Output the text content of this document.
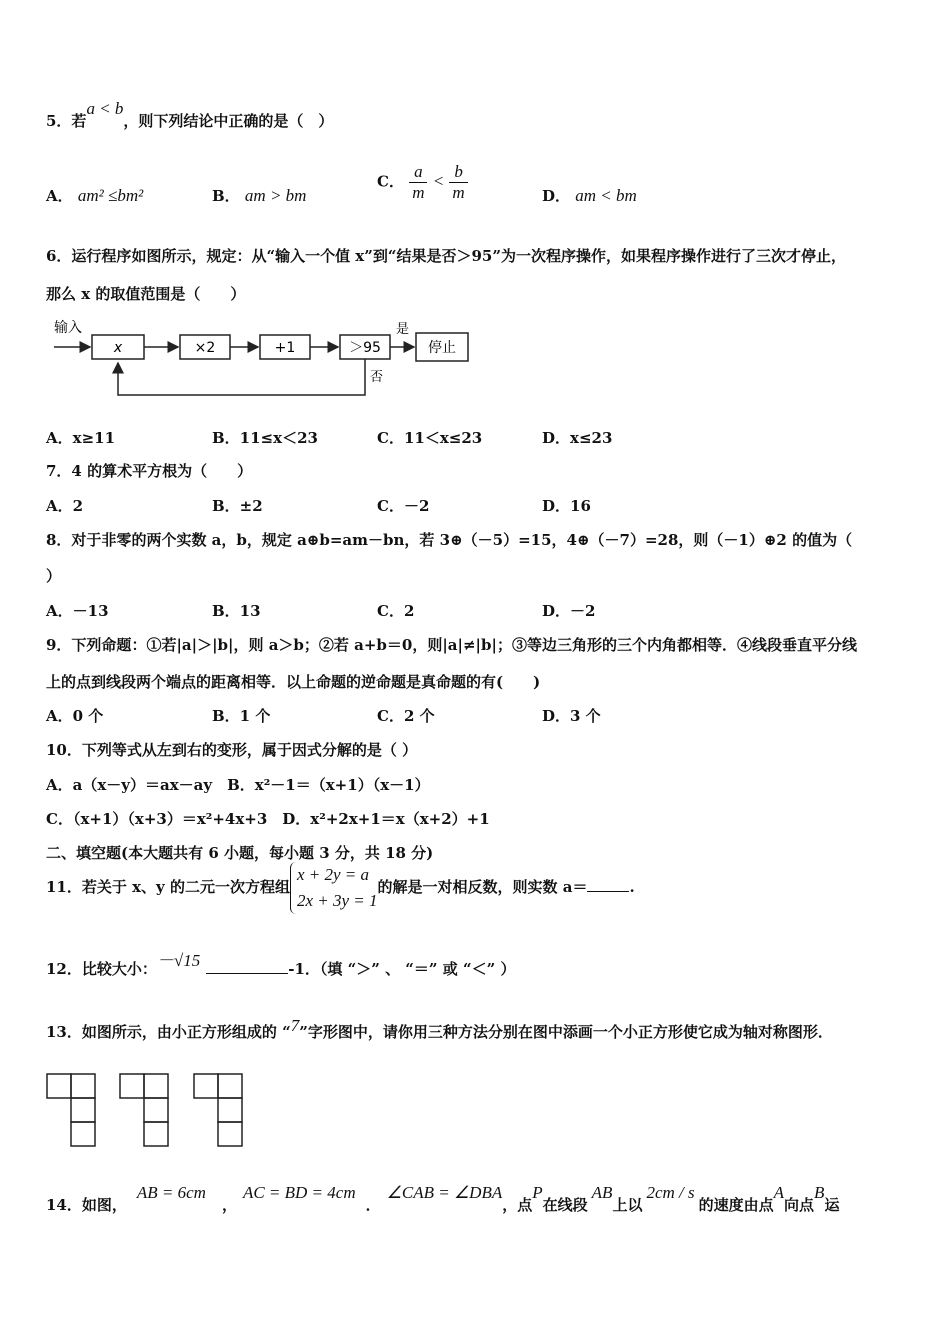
5．若a < b，则下列结论中正确的是（　）
A． am² ≤bm²	B． am > bm
C． $\frac{a}{m} < \frac{b}{m}$	D． am < bm
6．运行程序如图所示，规定：从“输入一个值 x”到“结果是否＞95”为一次程序操作，如果程序操作进行了三次才停止，
那么 x 的取值范围是（　　）
输入
x	×2	+1	＞95
是
停止
否
A．x≥11	B．11≤x＜23	C．11＜x≤23	D．x≤23
7．4 的算术平方根为（　　）
A．2	B．±2	C．－2	D．16
8．对于非零的两个实数 a，b，规定 a⊕b=am－bn，若 3⊕（－5）=15，4⊕（－7）=28，则（－1）⊕2 的值为（
）
A．－13	B．13	C．2	D．－2
9．下列命题：①若|a|＞|b|，则 a＞b；②若 a+b＝0，则|a|≠|b|；③等边三角形的三个内角都相等．④线段垂直平分线
上的点到线段两个端点的距离相等．以上命题的逆命题是真命题的有(　　)
A．0 个	B．1 个	C．2 个	D．3 个
10．下列等式从左到右的变形，属于因式分解的是（ ）
A．a（x－y）＝ax－ay　B．x²－1＝（x+1）（x－1）
C．（x+1）（x+3）＝x²+4x+3　D．x²+2x+1＝x（x+2）+1
二、填空题(本大题共有 6 小题，每小题 3 分，共 18 分)
11．若关于 x、y 的二元一次方程组
x + 2y = a
2x + 3y = 1
的解是一对相反数，则实数 a＝	.
12．比较大小：－√15	-1．（填 “＞” 、 “＝” 或 “＜” ）
13．如图所示，由小正方形组成的 “7”字形图中，请你用三种方法分别在图中添画一个小正方形使它成为轴对称图形．
14．如图，AB = 6cm，AC = BD = 4cm．∠CAB = ∠DBA，点P在线段AB上以2cm / s的速度由点A向点B运
